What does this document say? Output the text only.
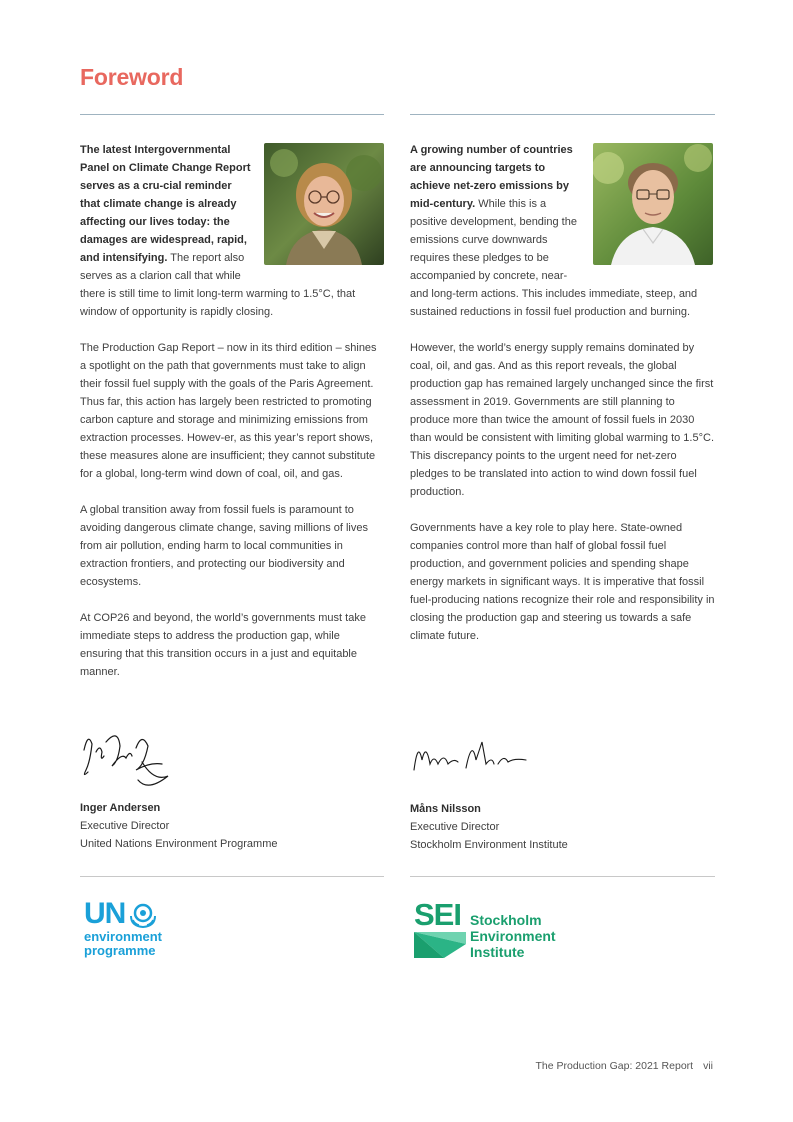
Foreword

The latest Intergovernmental Panel on Climate Change Report serves as a cru-cial reminder that climate change is already affecting our lives today: the damages are widespread, rapid, and intensifying. The report also serves as a clarion call that while there is still time to limit long-term warming to 1.5°C, that window of opportunity is rapidly closing.

The Production Gap Report – now in its third edition – shines a spotlight on the path that governments must take to align their fossil fuel supply with the goals of the Paris Agreement. Thus far, this action has largely been restricted to promoting carbon capture and storage and minimizing emissions from extraction processes. Howev-er, as this year’s report shows, these measures alone are insufficient; they cannot substitute for a global, long-term wind down of coal, oil, and gas.

A global transition away from fossil fuels is paramount to avoiding dangerous climate change, saving millions of lives from air pollution, ending harm to local communities in extraction frontiers, and protecting our biodiversity and ecosystems.

At COP26 and beyond, the world’s governments must take immediate steps to address the production gap, while ensuring that this transition occurs in a just and equitable manner.

A growing number of countries are announcing targets to achieve net-zero emissions by mid-century. While this is a positive development, bending the emissions curve downwards requires these pledges to be accompanied by concrete, near- and long-term actions. This includes immediate, steep, and sustained reductions in fossil fuel production and burning.

However, the world’s energy supply remains dominated by coal, oil, and gas. And as this report reveals, the global production gap has remained largely unchanged since the first assessment in 2019. Governments are still planning to produce more than twice the amount of fossil fuels in 2030 than would be consistent with limiting global warming to 1.5°C. This discrepancy points to the urgent need for net-zero pledges to be translated into action to wind down fossil fuel production.

Governments have a key role to play here. State-owned companies control more than half of global fossil fuel production, and government policies and spending shape energy markets in significant ways. It is imperative that fossil fuel-producing nations recognize their role and responsibility in closing the production gap and steering us towards a safe climate future.

Inger Andersen
Executive Director
United Nations Environment Programme
Måns Nilsson
Executive Director
Stockholm Environment Institute
UN
environment
programme
SEI Stockholm
Environment
Institute
The Production Gap: 2021 Report vii
